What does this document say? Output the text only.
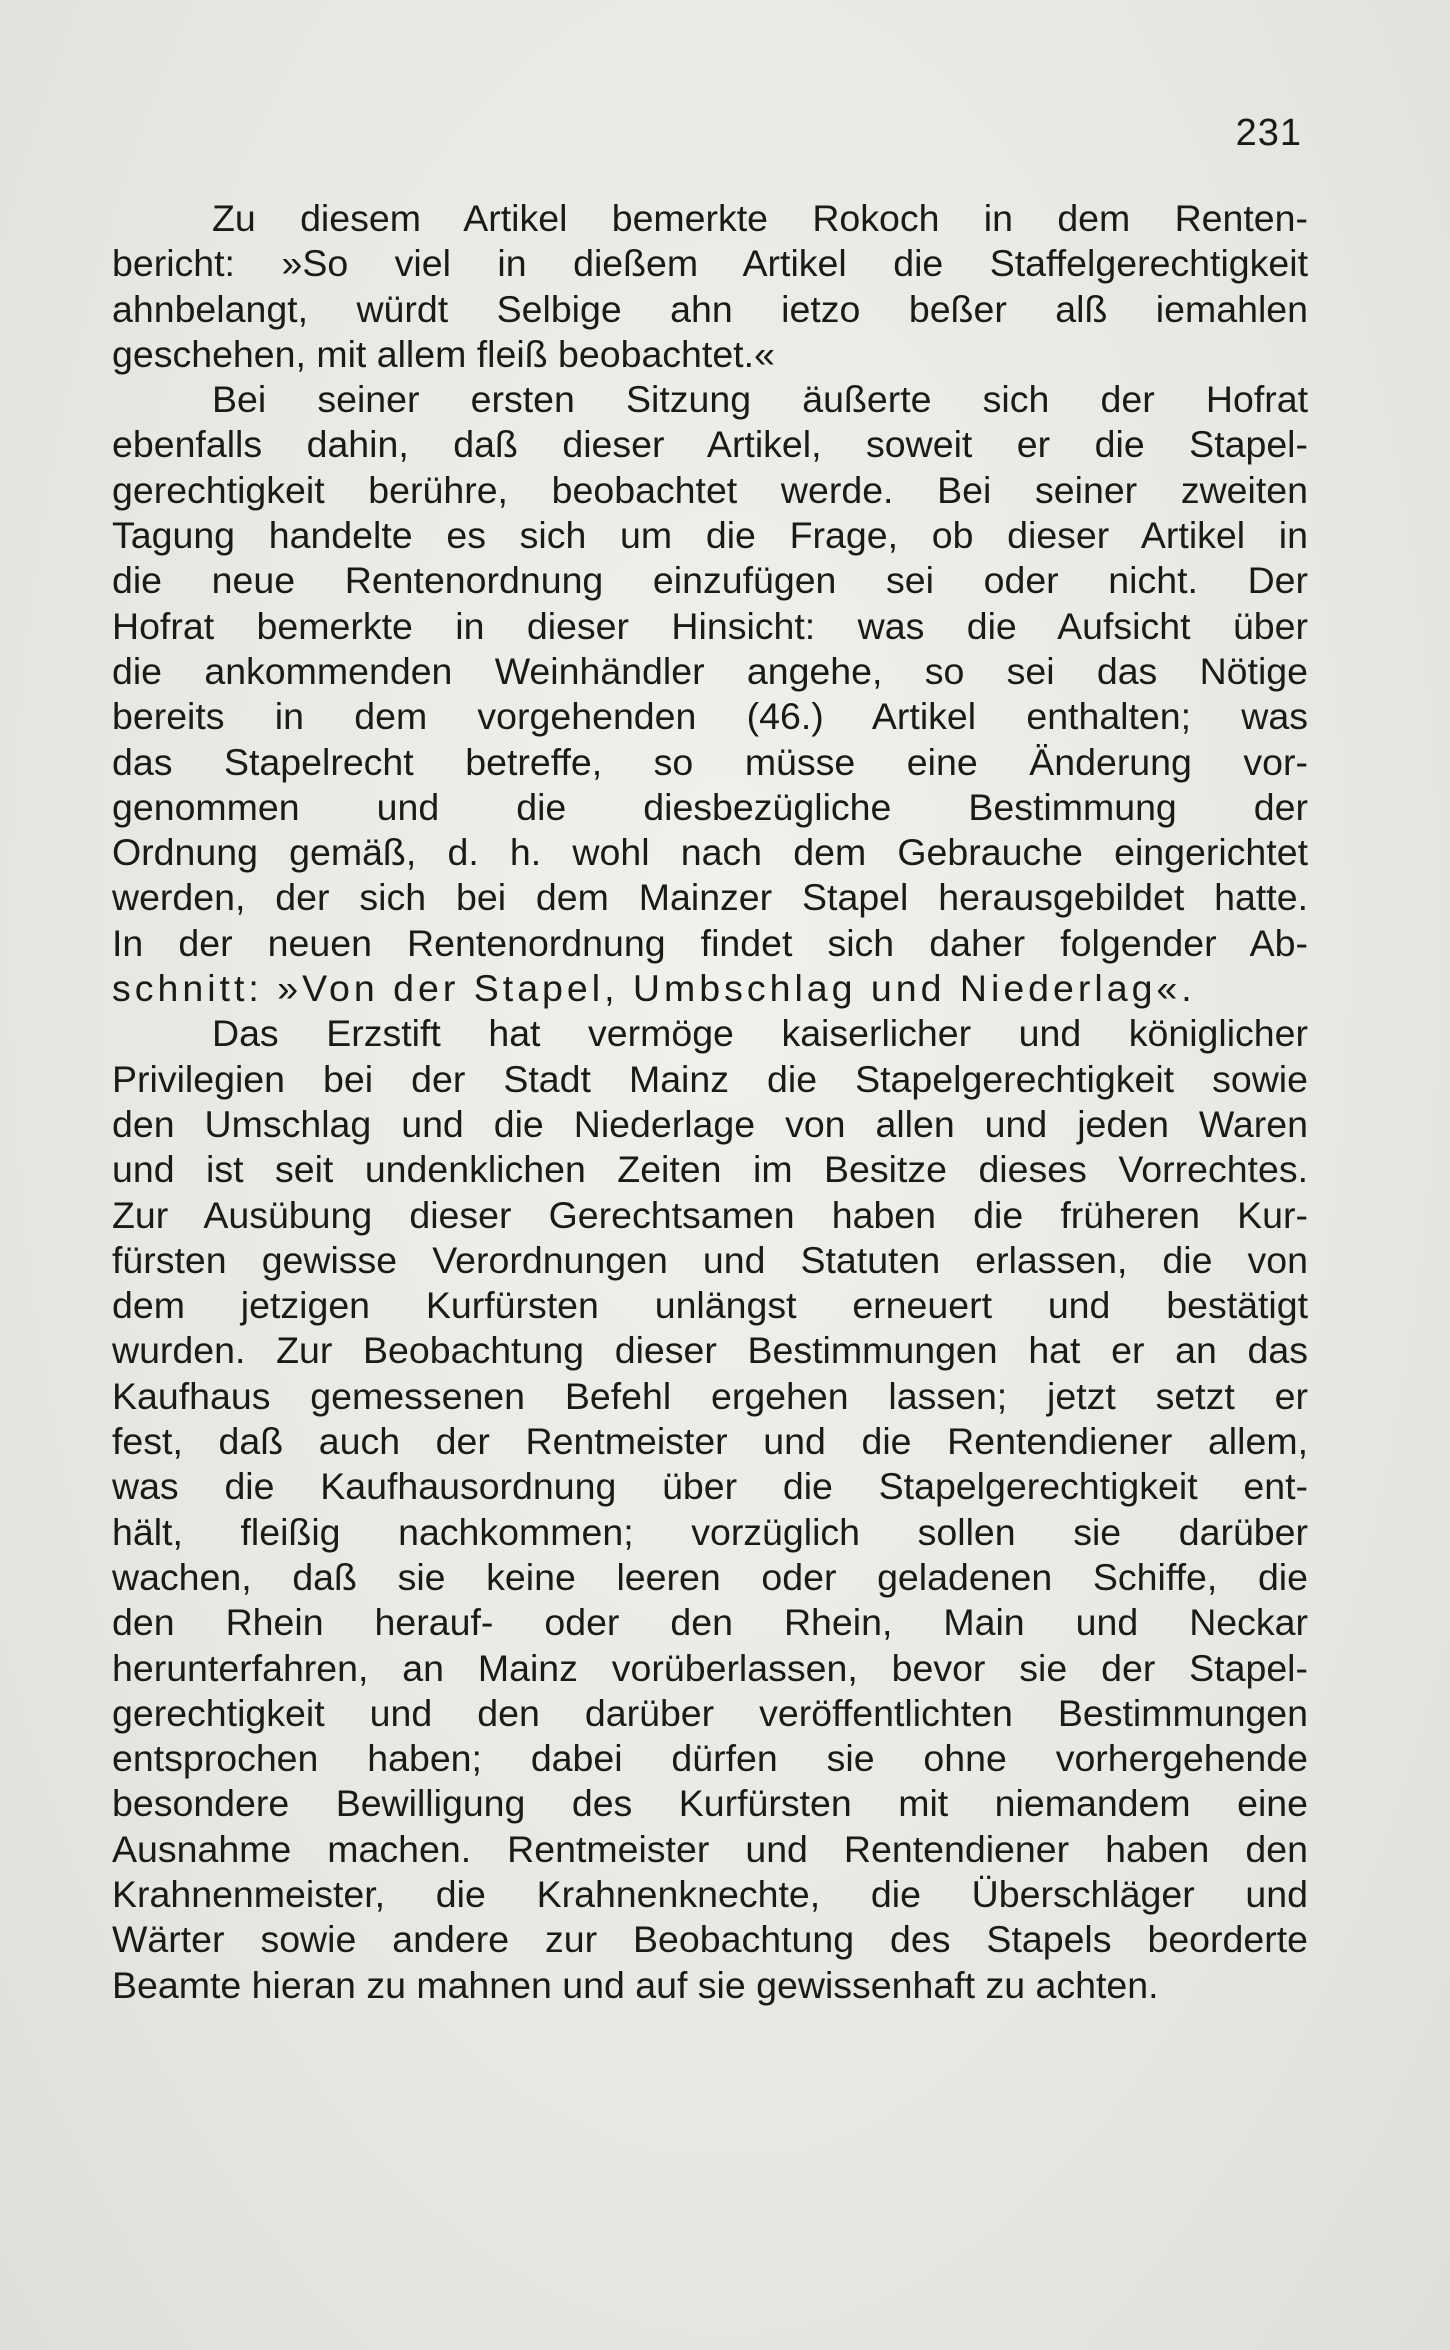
231
Zu diesem Artikel bemerkte Rokoch in dem Renten-
bericht: »So viel in dießem Artikel die Staffelgerechtigkeit
ahnbelangt, würdt Selbige ahn ietzo beßer alß iemahlen
geschehen, mit allem fleiß beobachtet.«
Bei seiner ersten Sitzung äußerte sich der Hofrat
ebenfalls dahin, daß dieser Artikel, soweit er die Stapel-
gerechtigkeit berühre, beobachtet werde. Bei seiner zweiten
Tagung handelte es sich um die Frage, ob dieser Artikel in
die neue Rentenordnung einzufügen sei oder nicht. Der
Hofrat bemerkte in dieser Hinsicht: was die Aufsicht über
die ankommenden Weinhändler angehe, so sei das Nötige
bereits in dem vorgehenden (46.) Artikel enthalten; was
das Stapelrecht betreffe, so müsse eine Änderung vor-
genommen und die diesbezügliche Bestimmung der
Ordnung gemäß, d. h. wohl nach dem Gebrauche eingerichtet
werden, der sich bei dem Mainzer Stapel herausgebildet hatte.
In der neuen Rentenordnung findet sich daher folgender Ab-
schnitt: »Von der Stapel, Umbschlag und Niederlag«.
Das Erzstift hat vermöge kaiserlicher und königlicher
Privilegien bei der Stadt Mainz die Stapelgerechtigkeit sowie
den Umschlag und die Niederlage von allen und jeden Waren
und ist seit undenklichen Zeiten im Besitze dieses Vorrechtes.
Zur Ausübung dieser Gerechtsamen haben die früheren Kur-
fürsten gewisse Verordnungen und Statuten erlassen, die von
dem jetzigen Kurfürsten unlängst erneuert und bestätigt
wurden. Zur Beobachtung dieser Bestimmungen hat er an das
Kaufhaus gemessenen Befehl ergehen lassen; jetzt setzt er
fest, daß auch der Rentmeister und die Rentendiener allem,
was die Kaufhausordnung über die Stapelgerechtigkeit ent-
hält, fleißig nachkommen; vorzüglich sollen sie darüber
wachen, daß sie keine leeren oder geladenen Schiffe, die
den Rhein herauf- oder den Rhein, Main und Neckar
herunterfahren, an Mainz vorüberlassen, bevor sie der Stapel-
gerechtigkeit und den darüber veröffentlichten Bestimmungen
entsprochen haben; dabei dürfen sie ohne vorhergehende
besondere Bewilligung des Kurfürsten mit niemandem eine
Ausnahme machen. Rentmeister und Rentendiener haben den
Krahnenmeister, die Krahnenknechte, die Überschläger und
Wärter sowie andere zur Beobachtung des Stapels beorderte
Beamte hieran zu mahnen und auf sie gewissenhaft zu achten.
